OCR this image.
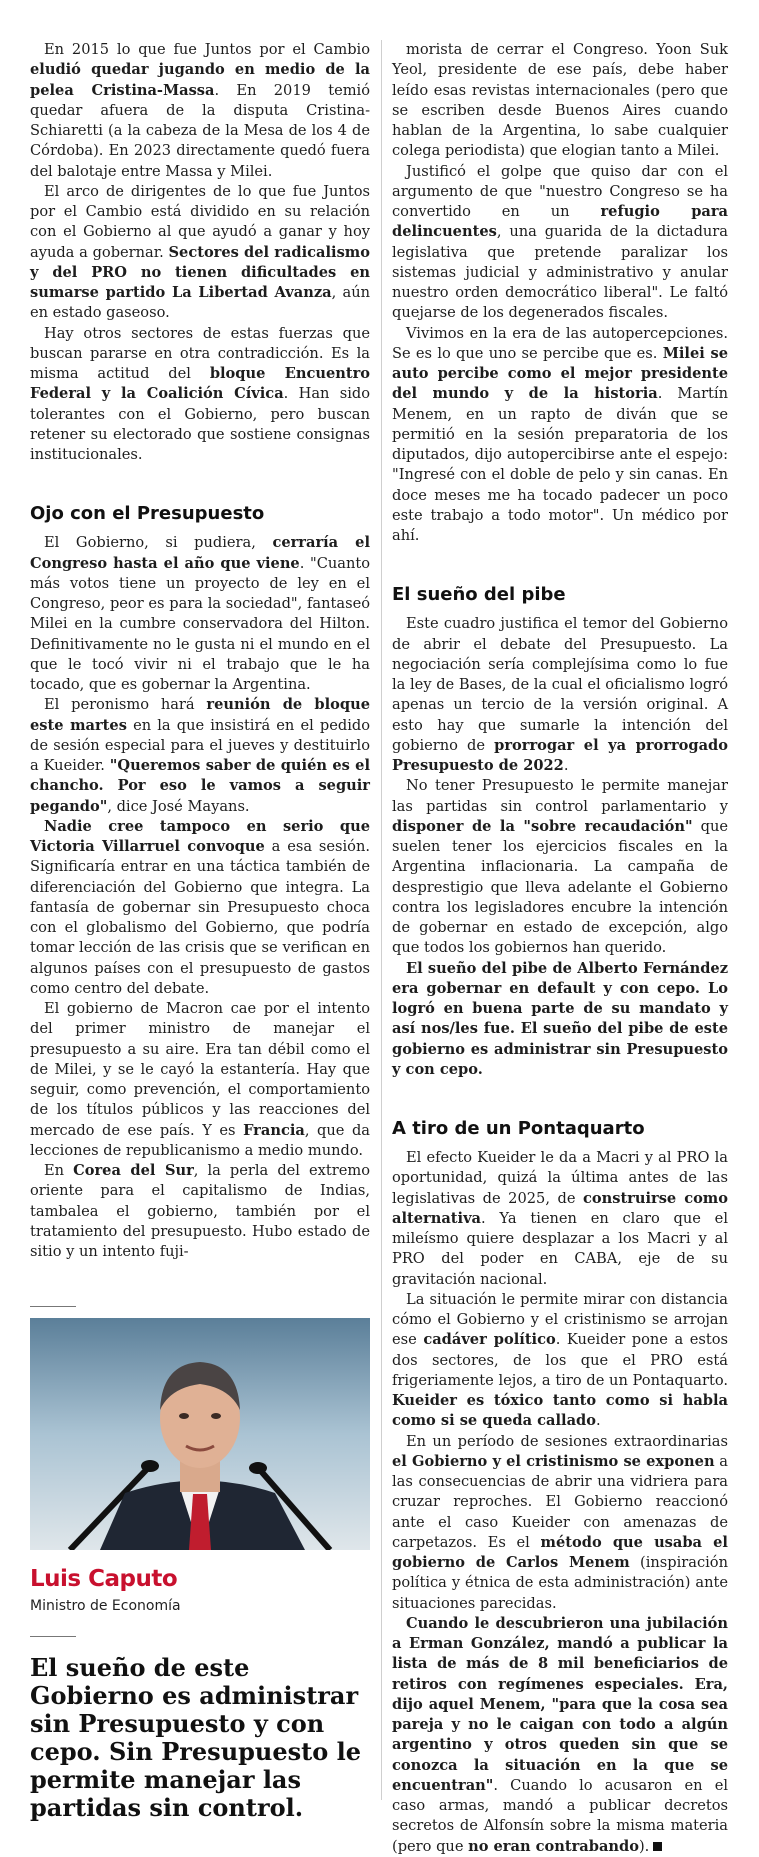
En 2015 lo que fue Juntos por el Cambio eludió quedar jugando en medio de la pelea Cristina-Massa. En 2019 temió quedar afuera de la disputa Cristina-Schiaretti (a la cabeza de la Mesa de los 4 de Córdoba). En 2023 directamente quedó fuera del balotaje entre Massa y Milei.

El arco de dirigentes de lo que fue Juntos por el Cambio está dividido en su relación con el Gobierno al que ayudó a ganar y hoy ayuda a gobernar. Sectores del radicalismo y del PRO no tienen dificultades en sumarse partido La Libertad Avanza, aún en estado gaseoso.

Hay otros sectores de estas fuerzas que buscan pararse en otra contradicción. Es la misma actitud del bloque Encuentro Federal y la Coalición Cívica. Han sido tolerantes con el Gobierno, pero buscan retener su electorado que sostiene consignas institucionales.

Ojo con el Presupuesto

El Gobierno, si pudiera, cerraría el Congreso hasta el año que viene. "Cuanto más votos tiene un proyecto de ley en el Congreso, peor es para la sociedad", fantaseó Milei en la cumbre conservadora del Hilton. Definitivamente no le gusta ni el mundo en el que le tocó vivir ni el trabajo que le ha tocado, que es gobernar la Argentina.

El peronismo hará reunión de bloque este martes en la que insistirá en el pedido de sesión especial para el jueves y destituirlo a Kueider. "Queremos saber de quién es el chancho. Por eso le vamos a seguir pegando", dice José Mayans.

Nadie cree tampoco en serio que Victoria Villarruel convoque a esa sesión. Significaría entrar en una táctica también de diferenciación del Gobierno que integra. La fantasía de gobernar sin Presupuesto choca con el globalismo del Gobierno, que podría tomar lección de las crisis que se verifican en algunos países con el presupuesto de gastos como centro del debate.

El gobierno de Macron cae por el intento del primer ministro de manejar el presupuesto a su aire. Era tan débil como el de Milei, y se le cayó la estantería. Hay que seguir, como prevención, el comportamiento de los títulos públicos y las reacciones del mercado de ese país. Y es Francia, que da lecciones de republicanismo a medio mundo.

En Corea del Sur, la perla del extremo oriente para el capitalismo de Indias, tambalea el gobierno, también por el tratamiento del presupuesto. Hubo estado de sitio y un intento fuji-

Luis Caputo
Ministro de Economía
El sueño de este Gobierno es administrar sin Presupuesto y con cepo. Sin Presupuesto le permite manejar las partidas sin control.

morista de cerrar el Congreso. Yoon Suk Yeol, presidente de ese país, debe haber leído esas revistas internacionales (pero que se escriben desde Buenos Aires cuando hablan de la Argentina, lo sabe cualquier colega periodista) que elogian tanto a Milei.

Justificó el golpe que quiso dar con el argumento de que "nuestro Congreso se ha convertido en un refugio para delincuentes, una guarida de la dictadura legislativa que pretende paralizar los sistemas judicial y administrativo y anular nuestro orden democrático liberal". Le faltó quejarse de los degenerados fiscales.

Vivimos en la era de las autopercepciones. Se es lo que uno se percibe que es. Milei se auto percibe como el mejor presidente del mundo y de la historia. Martín Menem, en un rapto de diván que se permitió en la sesión preparatoria de los diputados, dijo autopercibirse ante el espejo: "Ingresé con el doble de pelo y sin canas. En doce meses me ha tocado padecer un poco este trabajo a todo motor". Un médico por ahí.

El sueño del pibe

Este cuadro justifica el temor del Gobierno de abrir el debate del Presupuesto. La negociación sería complejísima como lo fue la ley de Bases, de la cual el oficialismo logró apenas un tercio de la versión original. A esto hay que sumarle la intención del gobierno de prorrogar el ya prorrogado Presupuesto de 2022.

No tener Presupuesto le permite manejar las partidas sin control parlamentario y disponer de la "sobre recaudación" que suelen tener los ejercicios fiscales en la Argentina inflacionaria. La campaña de desprestigio que lleva adelante el Gobierno contra los legisladores encubre la intención de gobernar en estado de excepción, algo que todos los gobiernos han querido.

El sueño del pibe de Alberto Fernández era gobernar en default y con cepo. Lo logró en buena parte de su mandato y así nos/les fue. El sueño del pibe de este gobierno es administrar sin Presupuesto y con cepo.

A tiro de un Pontaquarto

El efecto Kueider le da a Macri y al PRO la oportunidad, quizá la última antes de las legislativas de 2025, de construirse como alternativa. Ya tienen en claro que el mileísmo quiere desplazar a los Macri y al PRO del poder en CABA, eje de su gravitación nacional.

La situación le permite mirar con distancia cómo el Gobierno y el cristinismo se arrojan ese cadáver político. Kueider pone a estos dos sectores, de los que el PRO está frigeriamente lejos, a tiro de un Pontaquarto. Kueider es tóxico tanto como si habla como si se queda callado.

En un período de sesiones extraordinarias el Gobierno y el cristinismo se exponen a las consecuencias de abrir una vidriera para cruzar reproches. El Gobierno reaccionó ante el caso Kueider con amenazas de carpetazos. Es el método que usaba el gobierno de Carlos Menem (inspiración política y étnica de esta administración) ante situaciones parecidas.

Cuando le descubrieron una jubilación a Erman González, mandó a publicar la lista de más de 8 mil beneficiarios de retiros con regímenes especiales. Era, dijo aquel Menem, "para que la cosa sea pareja y no le caigan con todo a algún argentino y otros queden sin que se conozca la situación en la que se encuentran". Cuando lo acusaron en el caso armas, mandó a publicar decretos secretos de Alfonsín sobre la misma materia (pero que no eran contrabando).
